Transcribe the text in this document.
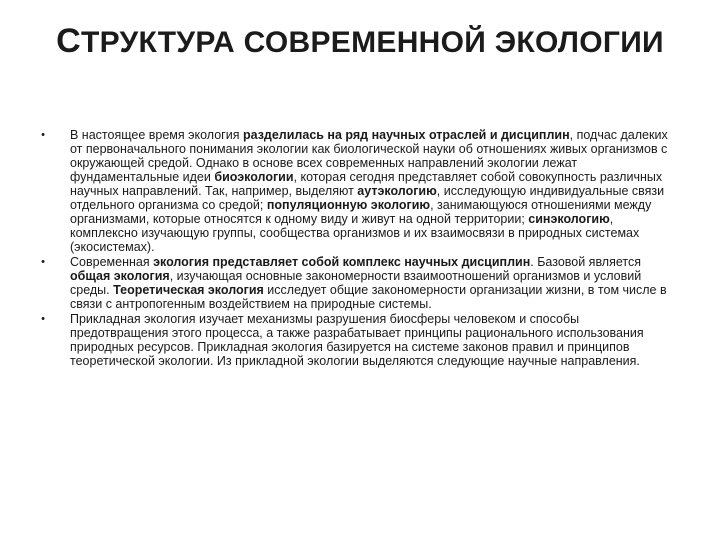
СТРУКТУРА СОВРЕМЕННОЙ ЭКОЛОГИИ
• В настоящее время экология разделилась на ряд научных отраслей и дисциплин, подчас далеких от первоначального понимания экологии как биологической науки об отношениях живых организмов с окружающей средой. Однако в основе всех современных направлений экологии лежат фундаментальные идеи биоэкологии, которая сегодня представляет собой совокупность различных научных направлений. Так, например, выделяют аутэкологию, исследующую индивидуальные связи отдельного организма со средой; популяционную экологию, занимающуюся отношениями между организмами, которые относятся к одному виду и живут на одной территории; синэкологию, комплексно изучающую группы, сообщества организмов и их взаимосвязи в природных системах (экосистемах).
• Современная экология представляет собой комплекс научных дисциплин. Базовой является общая экология, изучающая основные закономерности взаимоотношений организмов и условий среды. Теоретическая экология исследует общие закономерности организации жизни, в том числе в связи с антропогенным воздействием на природные системы.
• Прикладная экология изучает механизмы разрушения биосферы человеком и способы предотвращения этого процесса, а также разрабатывает принципы рационального использования природных ресурсов. Прикладная экология базируется на системе законов правил и принципов теоретической экологии. Из прикладной экологии выделяются следующие научные направления.
